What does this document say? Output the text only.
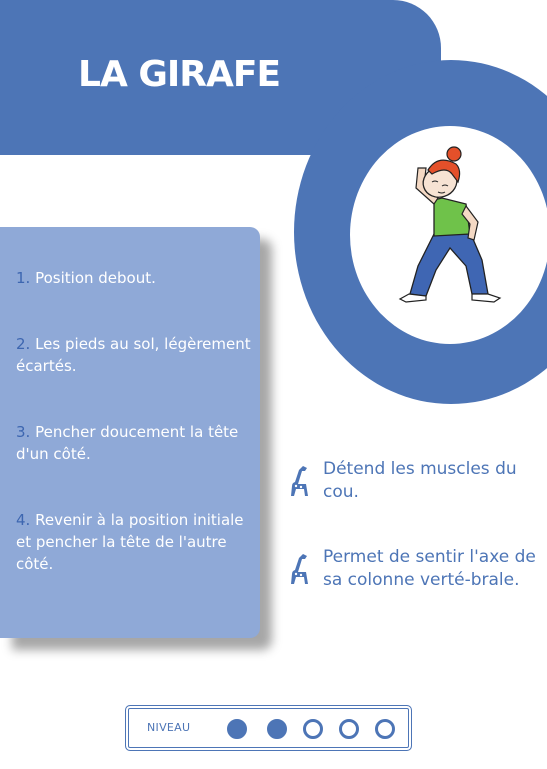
LA GIRAFE
1. Position debout.
2. Les pieds au sol, légèrement écartés.
3. Pencher doucement la tête d'un côté.
4. Revenir à la position initiale et pencher la tête de l'autre côté.
Détend les muscles du cou.
Permet de sentir l'axe de sa colonne verté-brale.
NIVEAU
